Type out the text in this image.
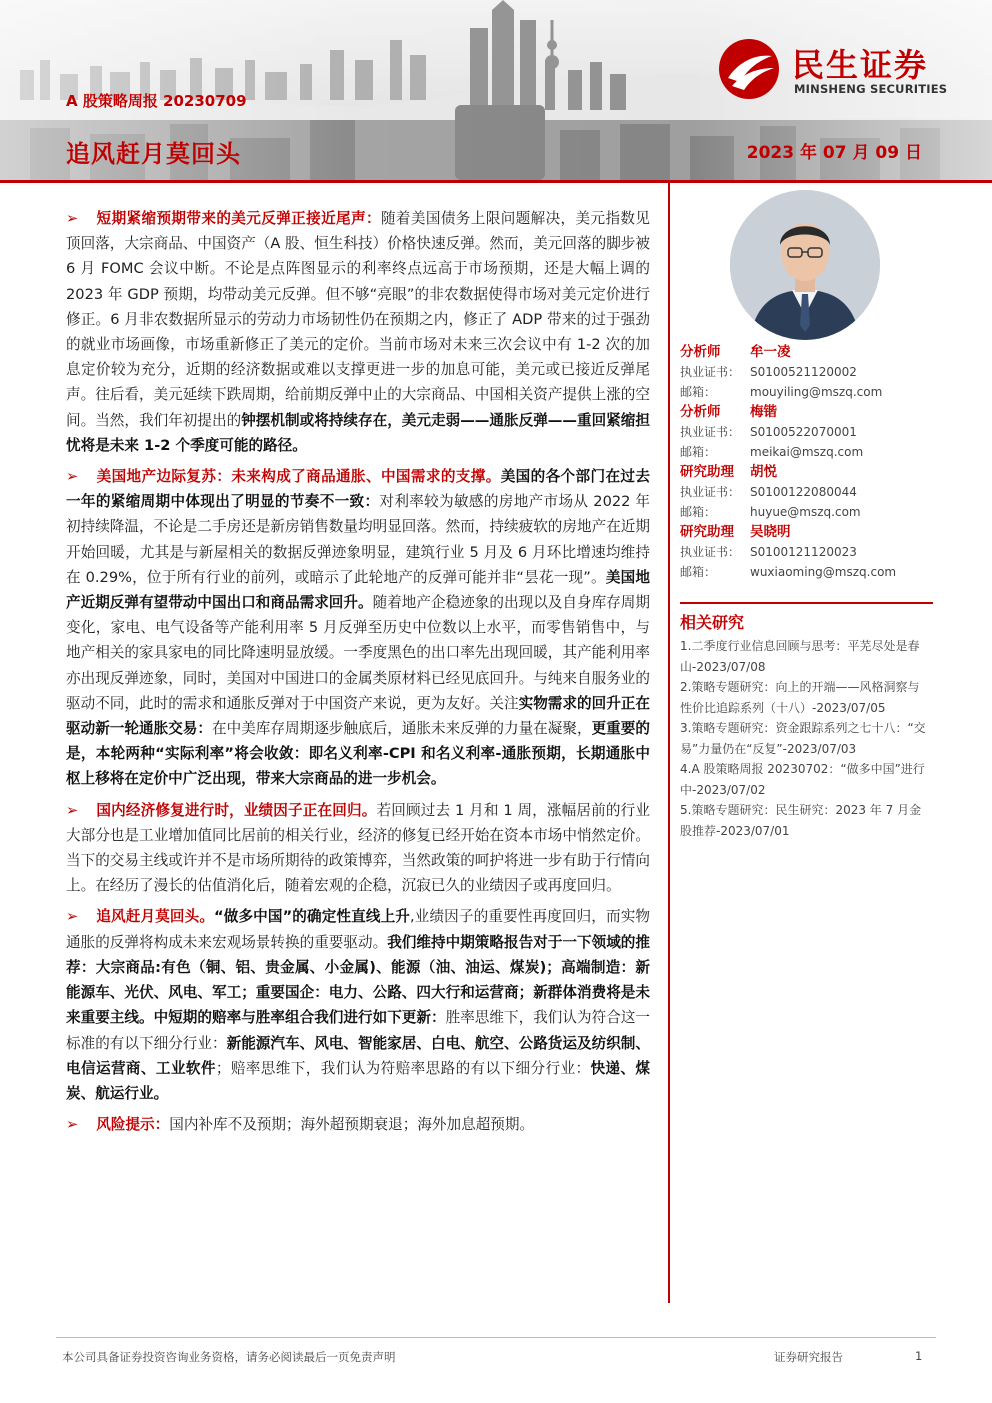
民生证券
MINSHENG SECURITIES
A 股策略周报 20230709
追风赶月莫回头	2023 年 07 月 09 日

➢ 短期紧缩预期带来的美元反弹正接近尾声：随着美国债务上限问题解决，美元指数见顶回落，大宗商品、中国资产（A 股、恒生科技）价格快速反弹。然而，美元回落的脚步被 6 月 FOMC 会议中断。不论是点阵图显示的利率终点远高于市场预期，还是大幅上调的 2023 年 GDP 预期，均带动美元反弹。但不够“亮眼”的非农数据使得市场对美元定价进行修正。6 月非农数据所显示的劳动力市场韧性仍在预期之内，修正了 ADP 带来的过于强劲的就业市场画像，市场重新修正了美元的定价。当前市场对未来三次会议中有 1-2 次的加息定价较为充分，近期的经济数据或难以支撑更进一步的加息可能，美元或已接近反弹尾声。往后看，美元延续下跌周期，给前期反弹中止的大宗商品、中国相关资产提供上涨的空间。当然，我们年初提出的钟摆机制或将持续存在，美元走弱——通胀反弹——重回紧缩担忧将是未来 1-2 个季度可能的路径。

➢ 美国地产边际复苏：未来构成了商品通胀、中国需求的支撑。美国的各个部门在过去一年的紧缩周期中体现出了明显的节奏不一致：对利率较为敏感的房地产市场从 2022 年初持续降温，不论是二手房还是新房销售数量均明显回落。然而，持续疲软的房地产在近期开始回暖，尤其是与新屋相关的数据反弹迹象明显，建筑行业 5 月及 6 月环比增速均维持在 0.29%，位于所有行业的前列，或暗示了此轮地产的反弹可能并非“昙花一现”。美国地产近期反弹有望带动中国出口和商品需求回升。随着地产企稳迹象的出现以及自身库存周期变化，家电、电气设备等产能利用率 5 月反弹至历史中位数以上水平，而零售销售中，与地产相关的家具家电的同比降速明显放缓。一季度黑色的出口率先出现回暖，其产能利用率亦出现反弹迹象，同时，美国对中国进口的金属类原材料已经见底回升。与纯来自服务业的驱动不同，此时的需求和通胀反弹对于中国资产来说，更为友好。关注实物需求的回升正在驱动新一轮通胀交易：在中美库存周期逐步触底后，通胀未来反弹的力量在凝聚，更重要的是，本轮两种“实际利率”将会收敛：即名义利率-CPI 和名义利率-通胀预期，长期通胀中枢上移将在定价中广泛出现，带来大宗商品的进一步机会。

➢ 国内经济修复进行时，业绩因子正在回归。若回顾过去 1 月和 1 周，涨幅居前的行业大部分也是工业增加值同比居前的相关行业，经济的修复已经开始在资本市场中悄然定价。当下的交易主线或许并不是市场所期待的政策博弈，当然政策的呵护将进一步有助于行情向上。在经历了漫长的估值消化后，随着宏观的企稳，沉寂已久的业绩因子或再度回归。

➢ 追风赶月莫回头。“做多中国”的确定性直线上升,业绩因子的重要性再度回归，而实物通胀的反弹将构成未来宏观场景转换的重要驱动。我们维持中期策略报告对于一下领域的推荐：大宗商品:有色（铜、铝、贵金属、小金属)、能源（油、油运、煤炭)；高端制造：新能源车、光伏、风电、军工；重要国企：电力、公路、四大行和运营商；新群体消费将是未来重要主线。中短期的赔率与胜率组合我们进行如下更新：胜率思维下，我们认为符合这一标准的有以下细分行业：新能源汽车、风电、智能家居、白电、航空、公路货运及纺织制、电信运营商、工业软件；赔率思维下，我们认为符赔率思路的有以下细分行业：快递、煤炭、航运行业。

➢ 风险提示：国内补库不及预期；海外超预期衰退；海外加息超预期。

分析师 牟一凌
执业证书： S0100521120002
邮箱：	mouyiling@mszq.com
分析师 梅锴
执业证书： S0100522070001
邮箱：	meikai@mszq.com
研究助理 胡悦
执业证书： S0100122080044
邮箱：	huyue@mszq.com
研究助理 吴晓明
执业证书： S0100121120023
邮箱：	wuxiaoming@mszq.com
相关研究
1.二季度行业信息回顾与思考：平芜尽处是春山-2023/07/08
2.策略专题研究：向上的开端——风格洞察与性价比追踪系列（十八）-2023/07/05
3.策略专题研究：资金跟踪系列之七十八：“交易”力量仍在“反复”-2023/07/03
4.A 股策略周报 20230702：“做多中国”进行中-2023/07/02
5.策略专题研究：民生研究：2023 年 7 月金股推荐-2023/07/01
本公司具备证券投资咨询业务资格，请务必阅读最后一页免责声明	证券研究报告	1
